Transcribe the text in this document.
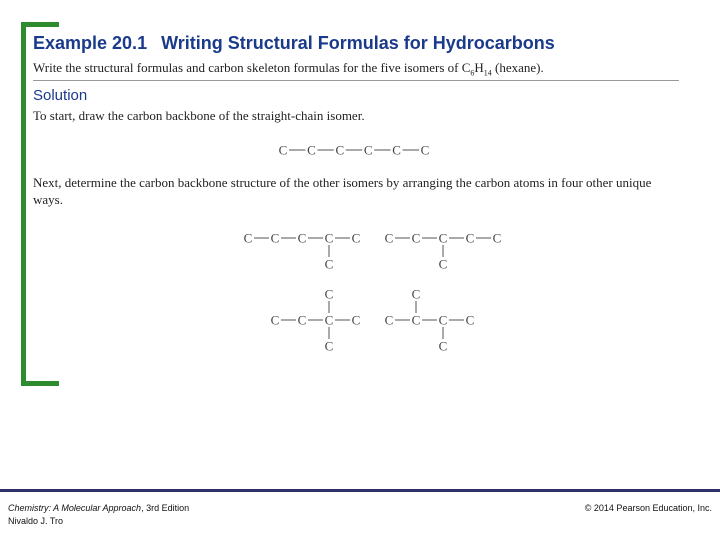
Example 20.1 Writing Structural Formulas for Hydrocarbons
Write the structural formulas and carbon skeleton formulas for the five isomers of $C_6H_{14}$ (hexane).
Solution
To start, draw the carbon backbone of the straight-chain isomer.
Next, determine the carbon backbone structure of the other isomers by arranging the carbon atoms in four other unique ways.
C C C C C C
C C C C C
C
C C C C C
C
C C C C
C
C
C C C C
C
C
Chemistry: A Molecular Approach, 3rd Edition
Nivaldo J. Tro
© 2014 Pearson Education, Inc.
